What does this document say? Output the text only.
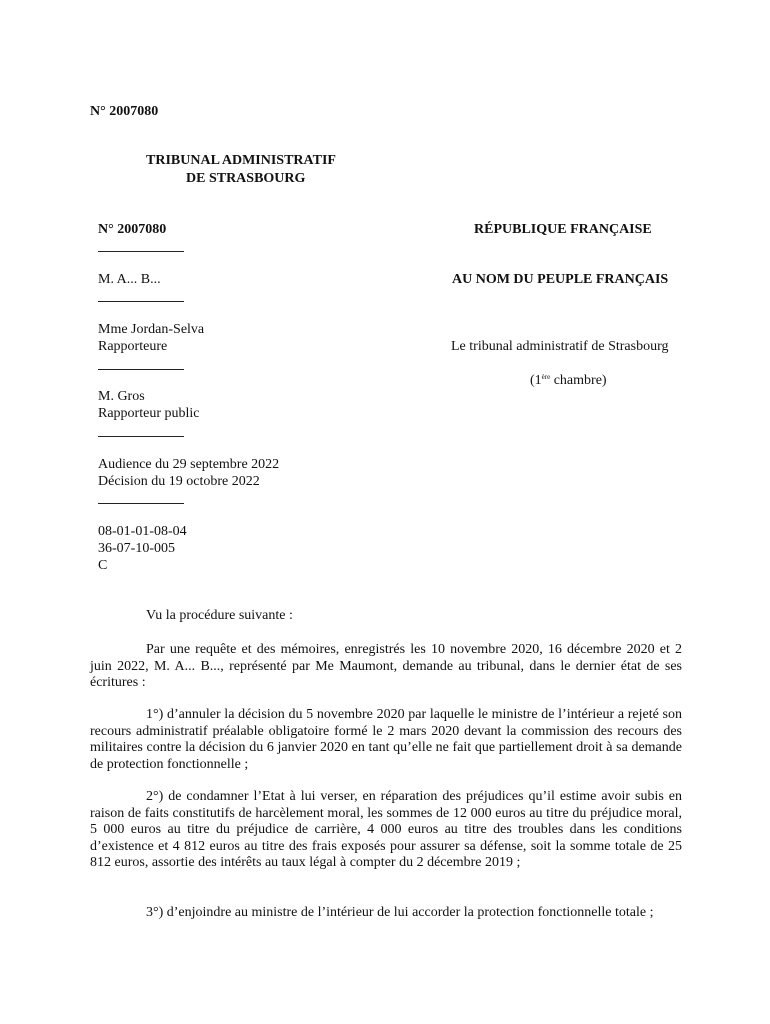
N° 2007080

TRIBUNAL ADMINISTRATIF

DE STRASBOURG

N° 2007080	RÉPUBLIQUE FRANÇAISE

M. A... B...	AU NOM DU PEUPLE FRANÇAIS

Mme Jordan-Selva

Rapporteure	Le tribunal administratif de Strasbourg

(1ère chambre)

M. Gros

Rapporteur public

Audience du 29 septembre 2022

Décision du 19 octobre 2022

08-01-01-08-04

36-07-10-005

C

Vu la procédure suivante :

Par une requête et des mémoires, enregistrés les 10 novembre 2020, 16 décembre 2020 et 2 juin 2022, M. A... B..., représenté par Me Maumont, demande au tribunal, dans le dernier état de ses écritures :

1°) d’annuler la décision du 5 novembre 2020 par laquelle le ministre de l’intérieur a rejeté son recours administratif préalable obligatoire formé le 2 mars 2020 devant la commission des recours des militaires contre la décision du 6 janvier 2020 en tant qu’elle ne fait que partiellement droit à sa demande de protection fonctionnelle ;

2°) de condamner l’Etat à lui verser, en réparation des préjudices qu’il estime avoir subis en raison de faits constitutifs de harcèlement moral, les sommes de 12 000 euros au titre du préjudice moral, 5 000 euros au titre du préjudice de carrière, 4 000 euros au titre des troubles dans les conditions d’existence et 4 812 euros au titre des frais exposés pour assurer sa défense, soit la somme totale de 25 812 euros, assortie des intérêts au taux légal à compter du 2 décembre 2019 ;

3°) d’enjoindre au ministre de l’intérieur de lui accorder la protection fonctionnelle totale ;
